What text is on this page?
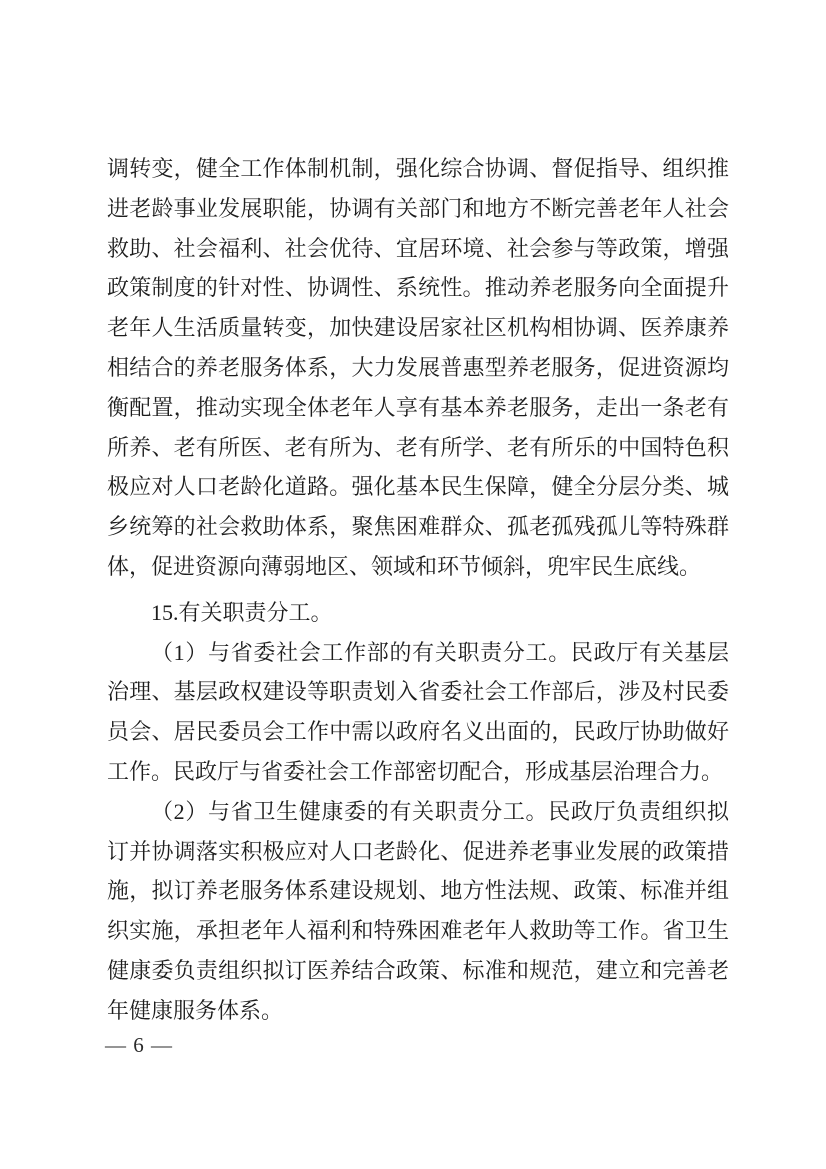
调转变，健全工作体制机制，强化综合协调、督促指导、组织推进老龄事业发展职能，协调有关部门和地方不断完善老年人社会救助、社会福利、社会优待、宜居环境、社会参与等政策，增强政策制度的针对性、协调性、系统性。推动养老服务向全面提升老年人生活质量转变，加快建设居家社区机构相协调、医养康养相结合的养老服务体系，大力发展普惠型养老服务，促进资源均衡配置，推动实现全体老年人享有基本养老服务，走出一条老有所养、老有所医、老有所为、老有所学、老有所乐的中国特色积极应对人口老龄化道路。强化基本民生保障，健全分层分类、城乡统筹的社会救助体系，聚焦困难群众、孤老孤残孤儿等特殊群体，促进资源向薄弱地区、领域和环节倾斜，兜牢民生底线。

15.有关职责分工。

（1）与省委社会工作部的有关职责分工。民政厅有关基层治理、基层政权建设等职责划入省委社会工作部后，涉及村民委员会、居民委员会工作中需以政府名义出面的，民政厅协助做好工作。民政厅与省委社会工作部密切配合，形成基层治理合力。

（2）与省卫生健康委的有关职责分工。民政厅负责组织拟订并协调落实积极应对人口老龄化、促进养老事业发展的政策措施，拟订养老服务体系建设规划、地方性法规、政策、标准并组织实施，承担老年人福利和特殊困难老年人救助等工作。省卫生健康委负责组织拟订医养结合政策、标准和规范，建立和完善老年健康服务体系。

— 6 —
